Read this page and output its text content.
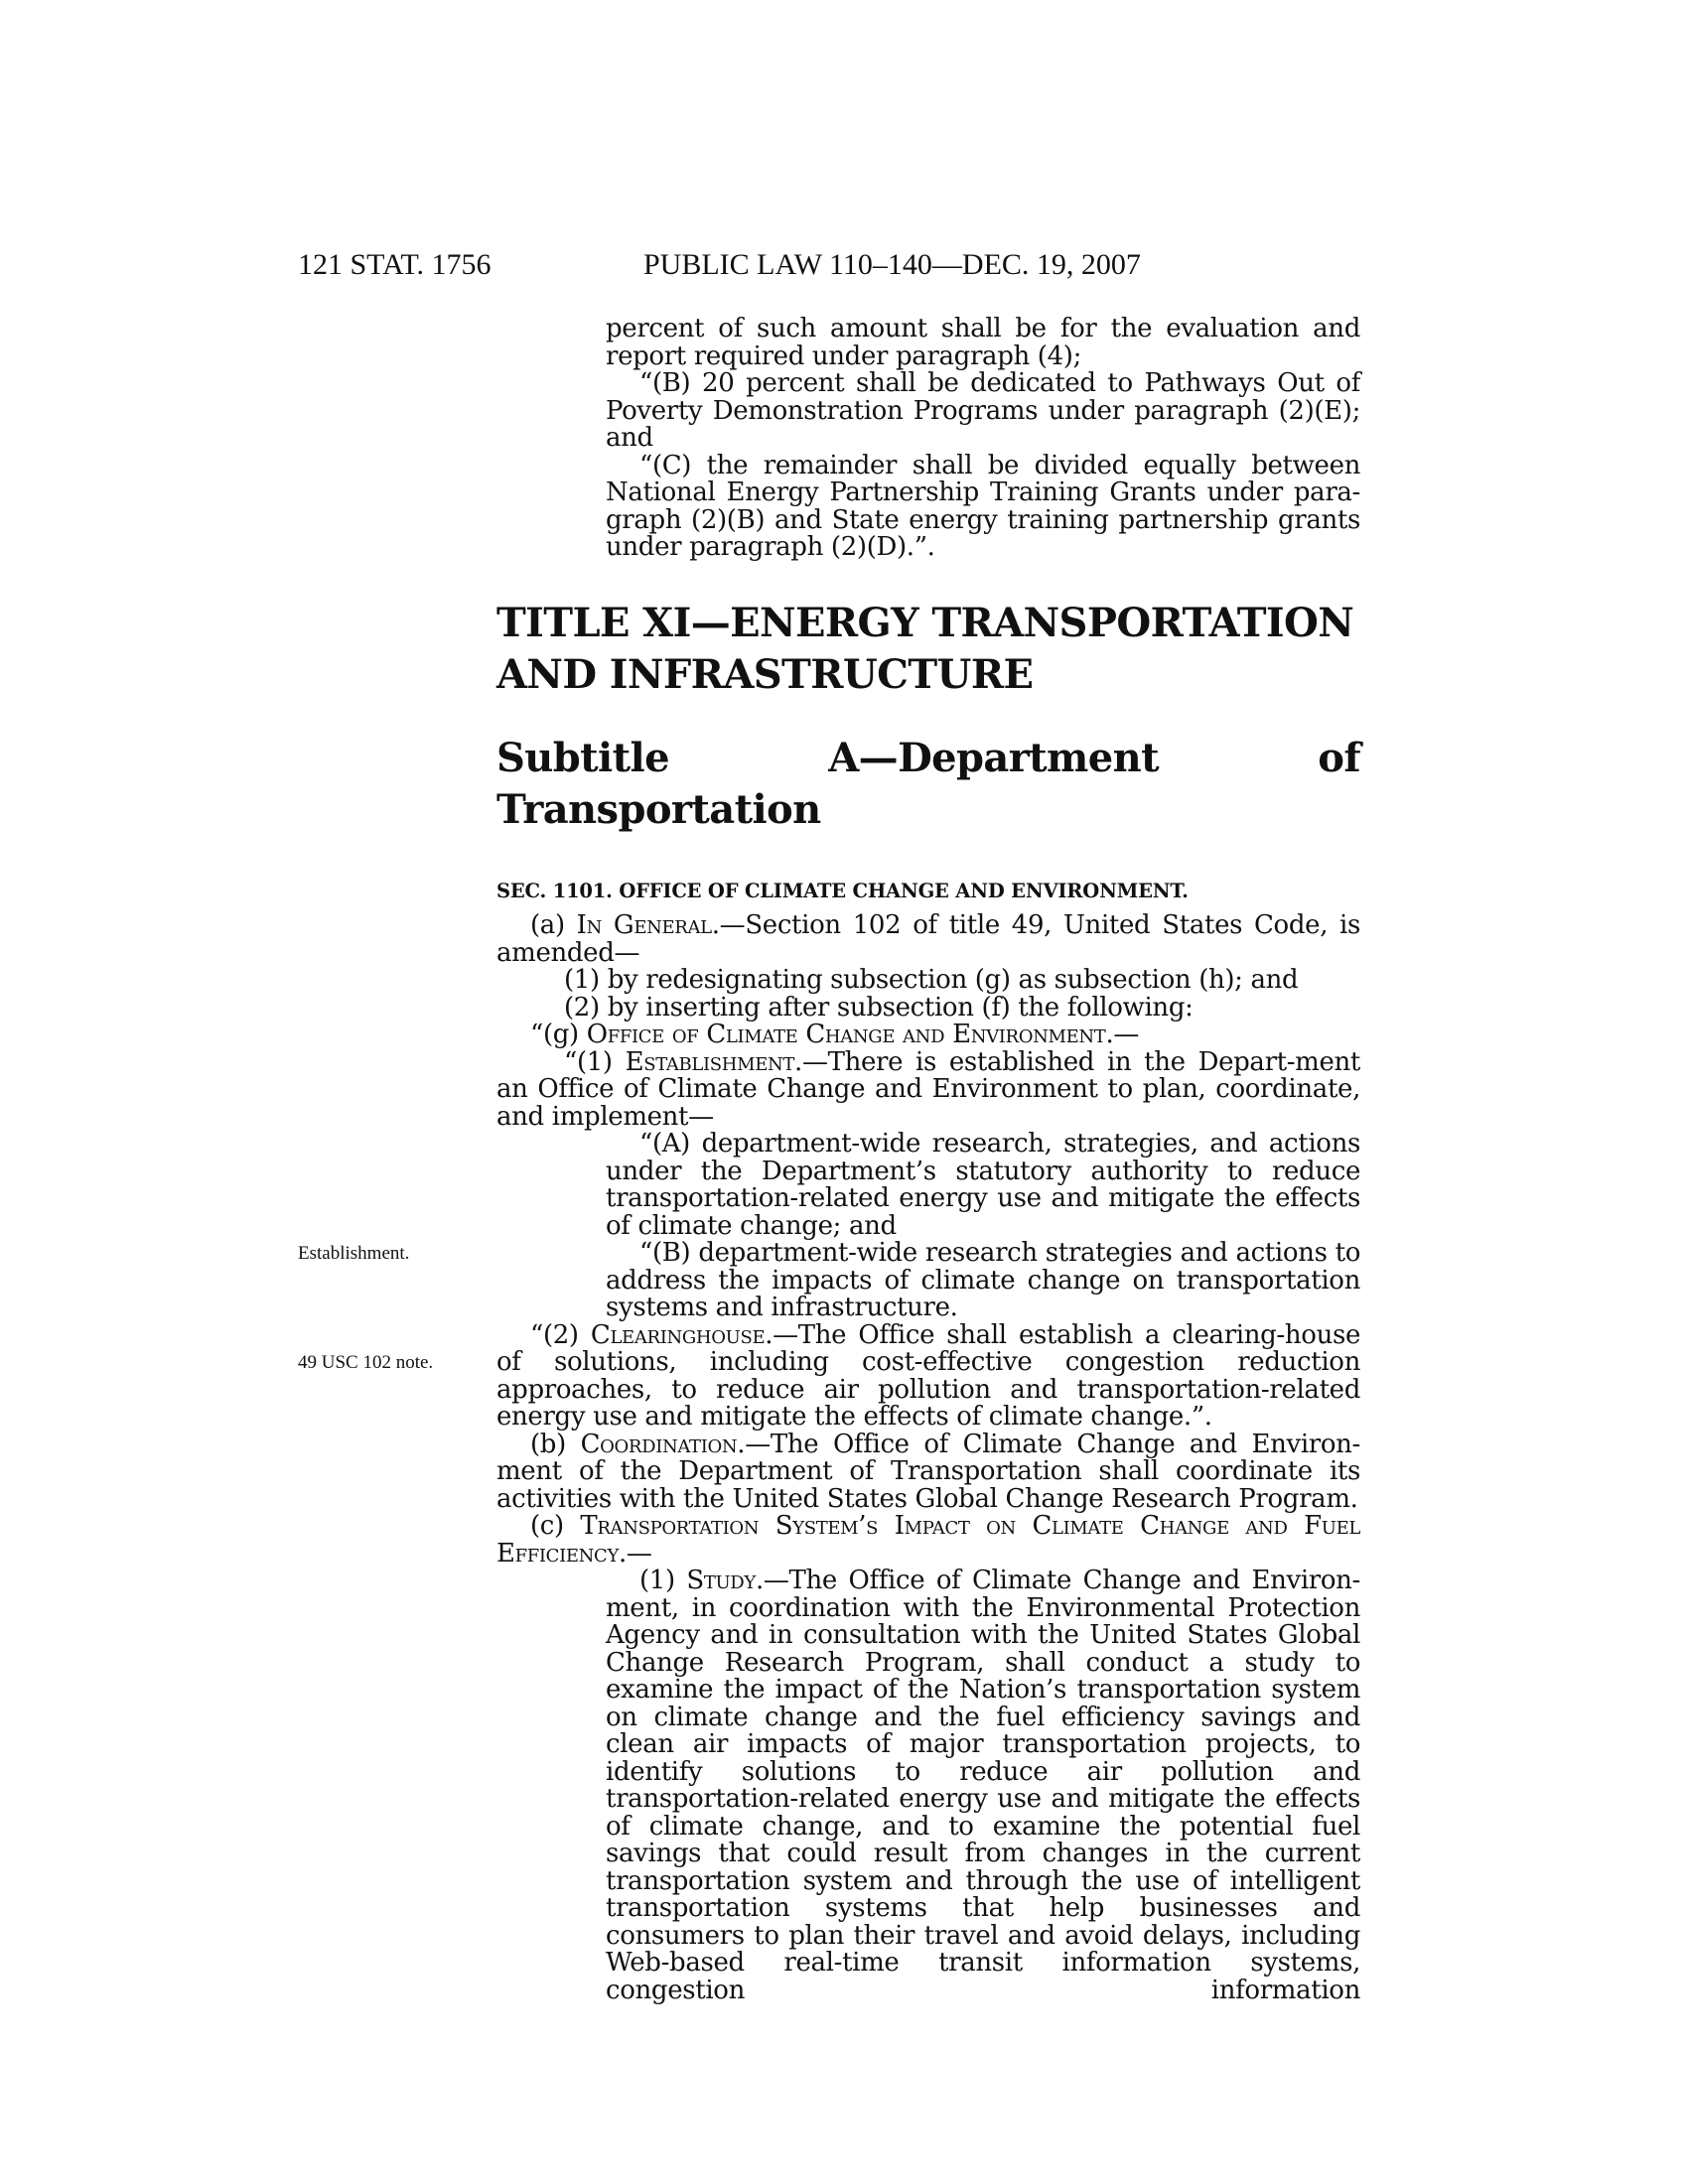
121 STAT. 1756	PUBLIC LAW 110–140—DEC. 19, 2007
Establishment.
49 USC 102 note.

percent of such amount shall be for the evaluation and report required under paragraph (4);

“(B) 20 percent shall be dedicated to Pathways Out of Poverty Demonstration Programs under paragraph (2)(E); and

“(C) the remainder shall be divided equally between National Energy Partnership Training Grants under para-graph (2)(B) and State energy training partnership grants under paragraph (2)(D).”.

TITLE XI—ENERGY TRANSPORTATION

AND INFRASTRUCTURE

Subtitle A—Department of Transportation

SEC. 1101. OFFICE OF CLIMATE CHANGE AND ENVIRONMENT.

(a) In General.—Section 102 of title 49, United States Code, is amended—

(1) by redesignating subsection (g) as subsection (h); and

(2) by inserting after subsection (f) the following:

“(g) Office of Climate Change and Environment.—

“(1) Establishment.—There is established in the Depart-ment an Office of Climate Change and Environment to plan, coordinate, and implement—

“(A) department-wide research, strategies, and actions under the Department’s statutory authority to reduce transportation-related energy use and mitigate the effects of climate change; and

“(B) department-wide research strategies and actions to address the impacts of climate change on transportation systems and infrastructure.

“(2) Clearinghouse.—The Office shall establish a clearing-house of solutions, including cost-effective congestion reduction approaches, to reduce air pollution and transportation-related energy use and mitigate the effects of climate change.”.

(b) Coordination.—The Office of Climate Change and Environ-ment of the Department of Transportation shall coordinate its activities with the United States Global Change Research Program.

(c) Transportation System’s Impact on Climate Change and Fuel Efficiency.—

(1) Study.—The Office of Climate Change and Environ-ment, in coordination with the Environmental Protection Agency and in consultation with the United States Global Change Research Program, shall conduct a study to examine the impact of the Nation’s transportation system on climate change and the fuel efficiency savings and clean air impacts of major transportation projects, to identify solutions to reduce air pollution and transportation-related energy use and mitigate the effects of climate change, and to examine the potential fuel savings that could result from changes in the current transportation system and through the use of intelligent transportation systems that help businesses and consumers to plan their travel and avoid delays, including Web-based real-time transit information systems, congestion information
